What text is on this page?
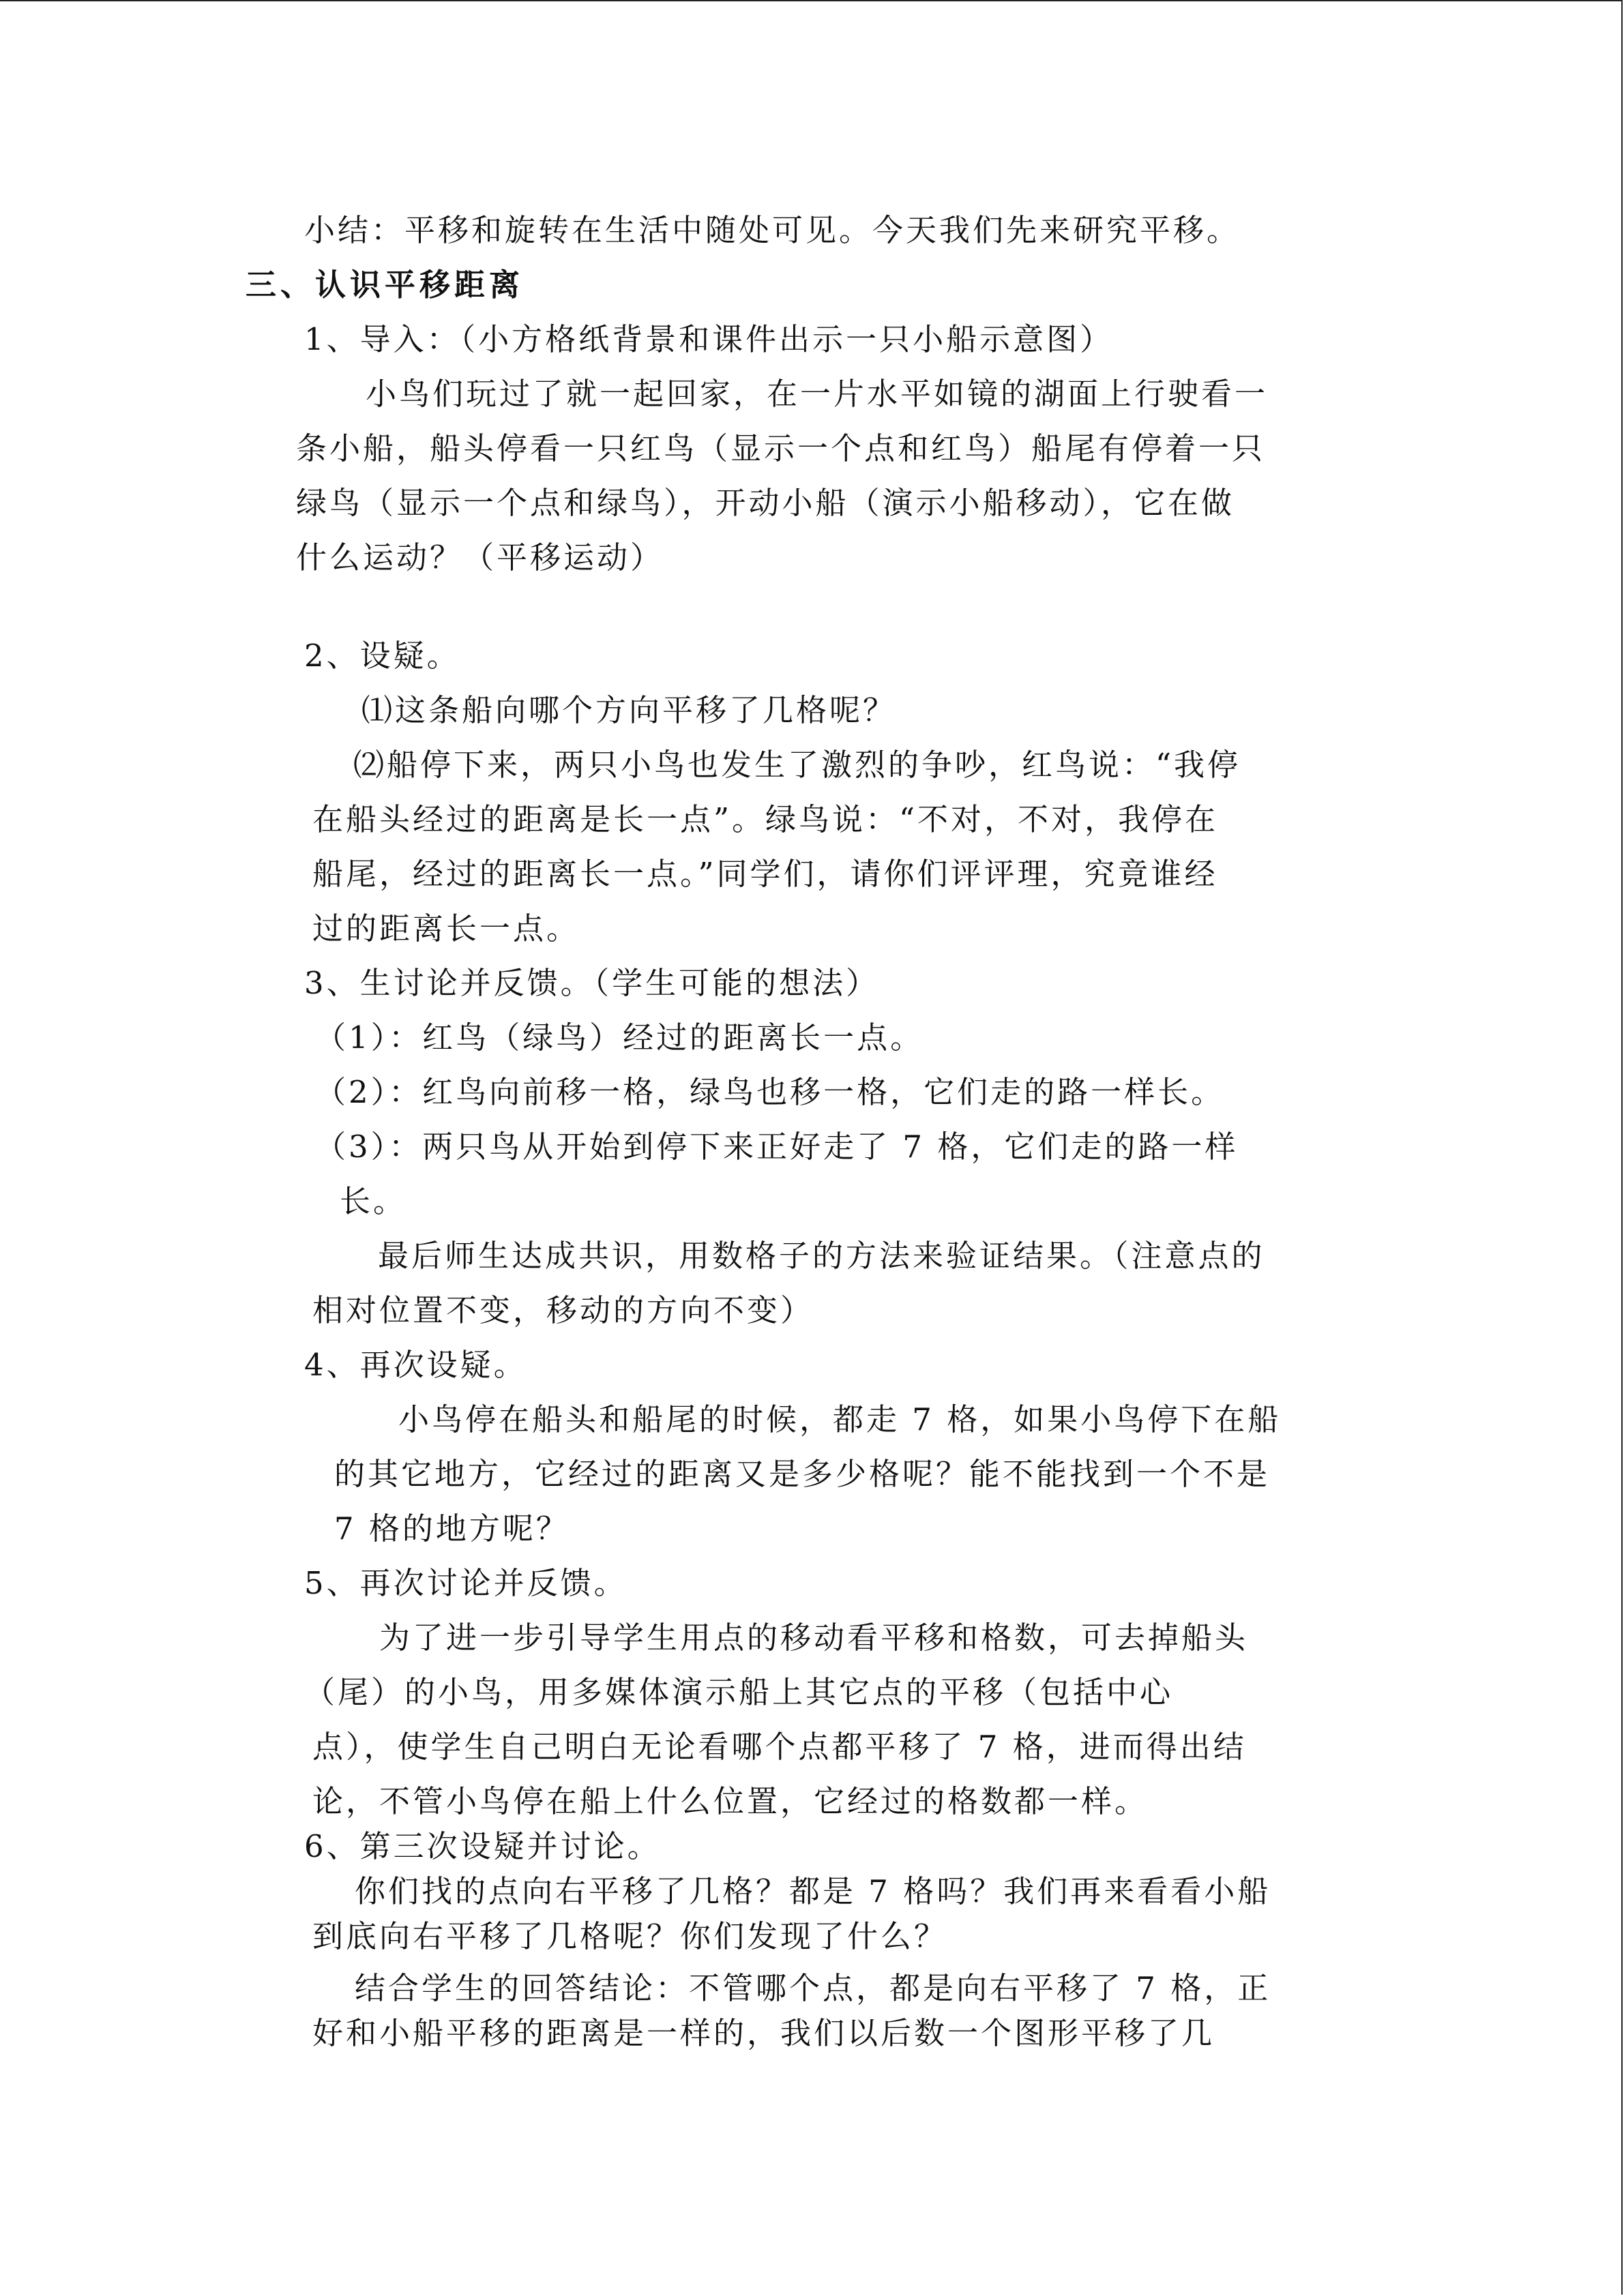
小结：平移和旋转在生活中随处可见。今天我们先来研究平移。
三、认识平移距离
1、导入：（小方格纸背景和课件出示一只小船示意图）
小鸟们玩过了就一起回家，在一片水平如镜的湖面上行驶看一
条小船，船头停看一只红鸟（显示一个点和红鸟）船尾有停着一只
绿鸟（显示一个点和绿鸟），开动小船（演示小船移动），它在做
什么运动？（平移运动）
2、设疑。
⑴这条船向哪个方向平移了几格呢？
⑵船停下来，两只小鸟也发生了激烈的争吵，红鸟说：“我停
在船头经过的距离是长一点”。绿鸟说：“不对，不对，我停在
船尾，经过的距离长一点。”同学们，请你们评评理，究竟谁经
过的距离长一点。
3、生讨论并反馈。（学生可能的想法）
（1）：红鸟（绿鸟）经过的距离长一点。
（2）：红鸟向前移一格，绿鸟也移一格，它们走的路一样长。
（3）：两只鸟从开始到停下来正好走了 7 格，它们走的路一样
长。
最后师生达成共识，用数格子的方法来验证结果。（注意点的
相对位置不变，移动的方向不变）
4、再次设疑。
小鸟停在船头和船尾的时候，都走 7 格，如果小鸟停下在船
的其它地方，它经过的距离又是多少格呢？能不能找到一个不是
7 格的地方呢？
5、再次讨论并反馈。
为了进一步引导学生用点的移动看平移和格数，可去掉船头
（尾）的小鸟，用多媒体演示船上其它点的平移（包括中心
点），使学生自己明白无论看哪个点都平移了 7 格，进而得出结
论，不管小鸟停在船上什么位置，它经过的格数都一样。
6、第三次设疑并讨论。
你们找的点向右平移了几格？都是 7 格吗？我们再来看看小船
到底向右平移了几格呢？你们发现了什么？
结合学生的回答结论：不管哪个点，都是向右平移了 7 格，正
好和小船平移的距离是一样的，我们以后数一个图形平移了几
